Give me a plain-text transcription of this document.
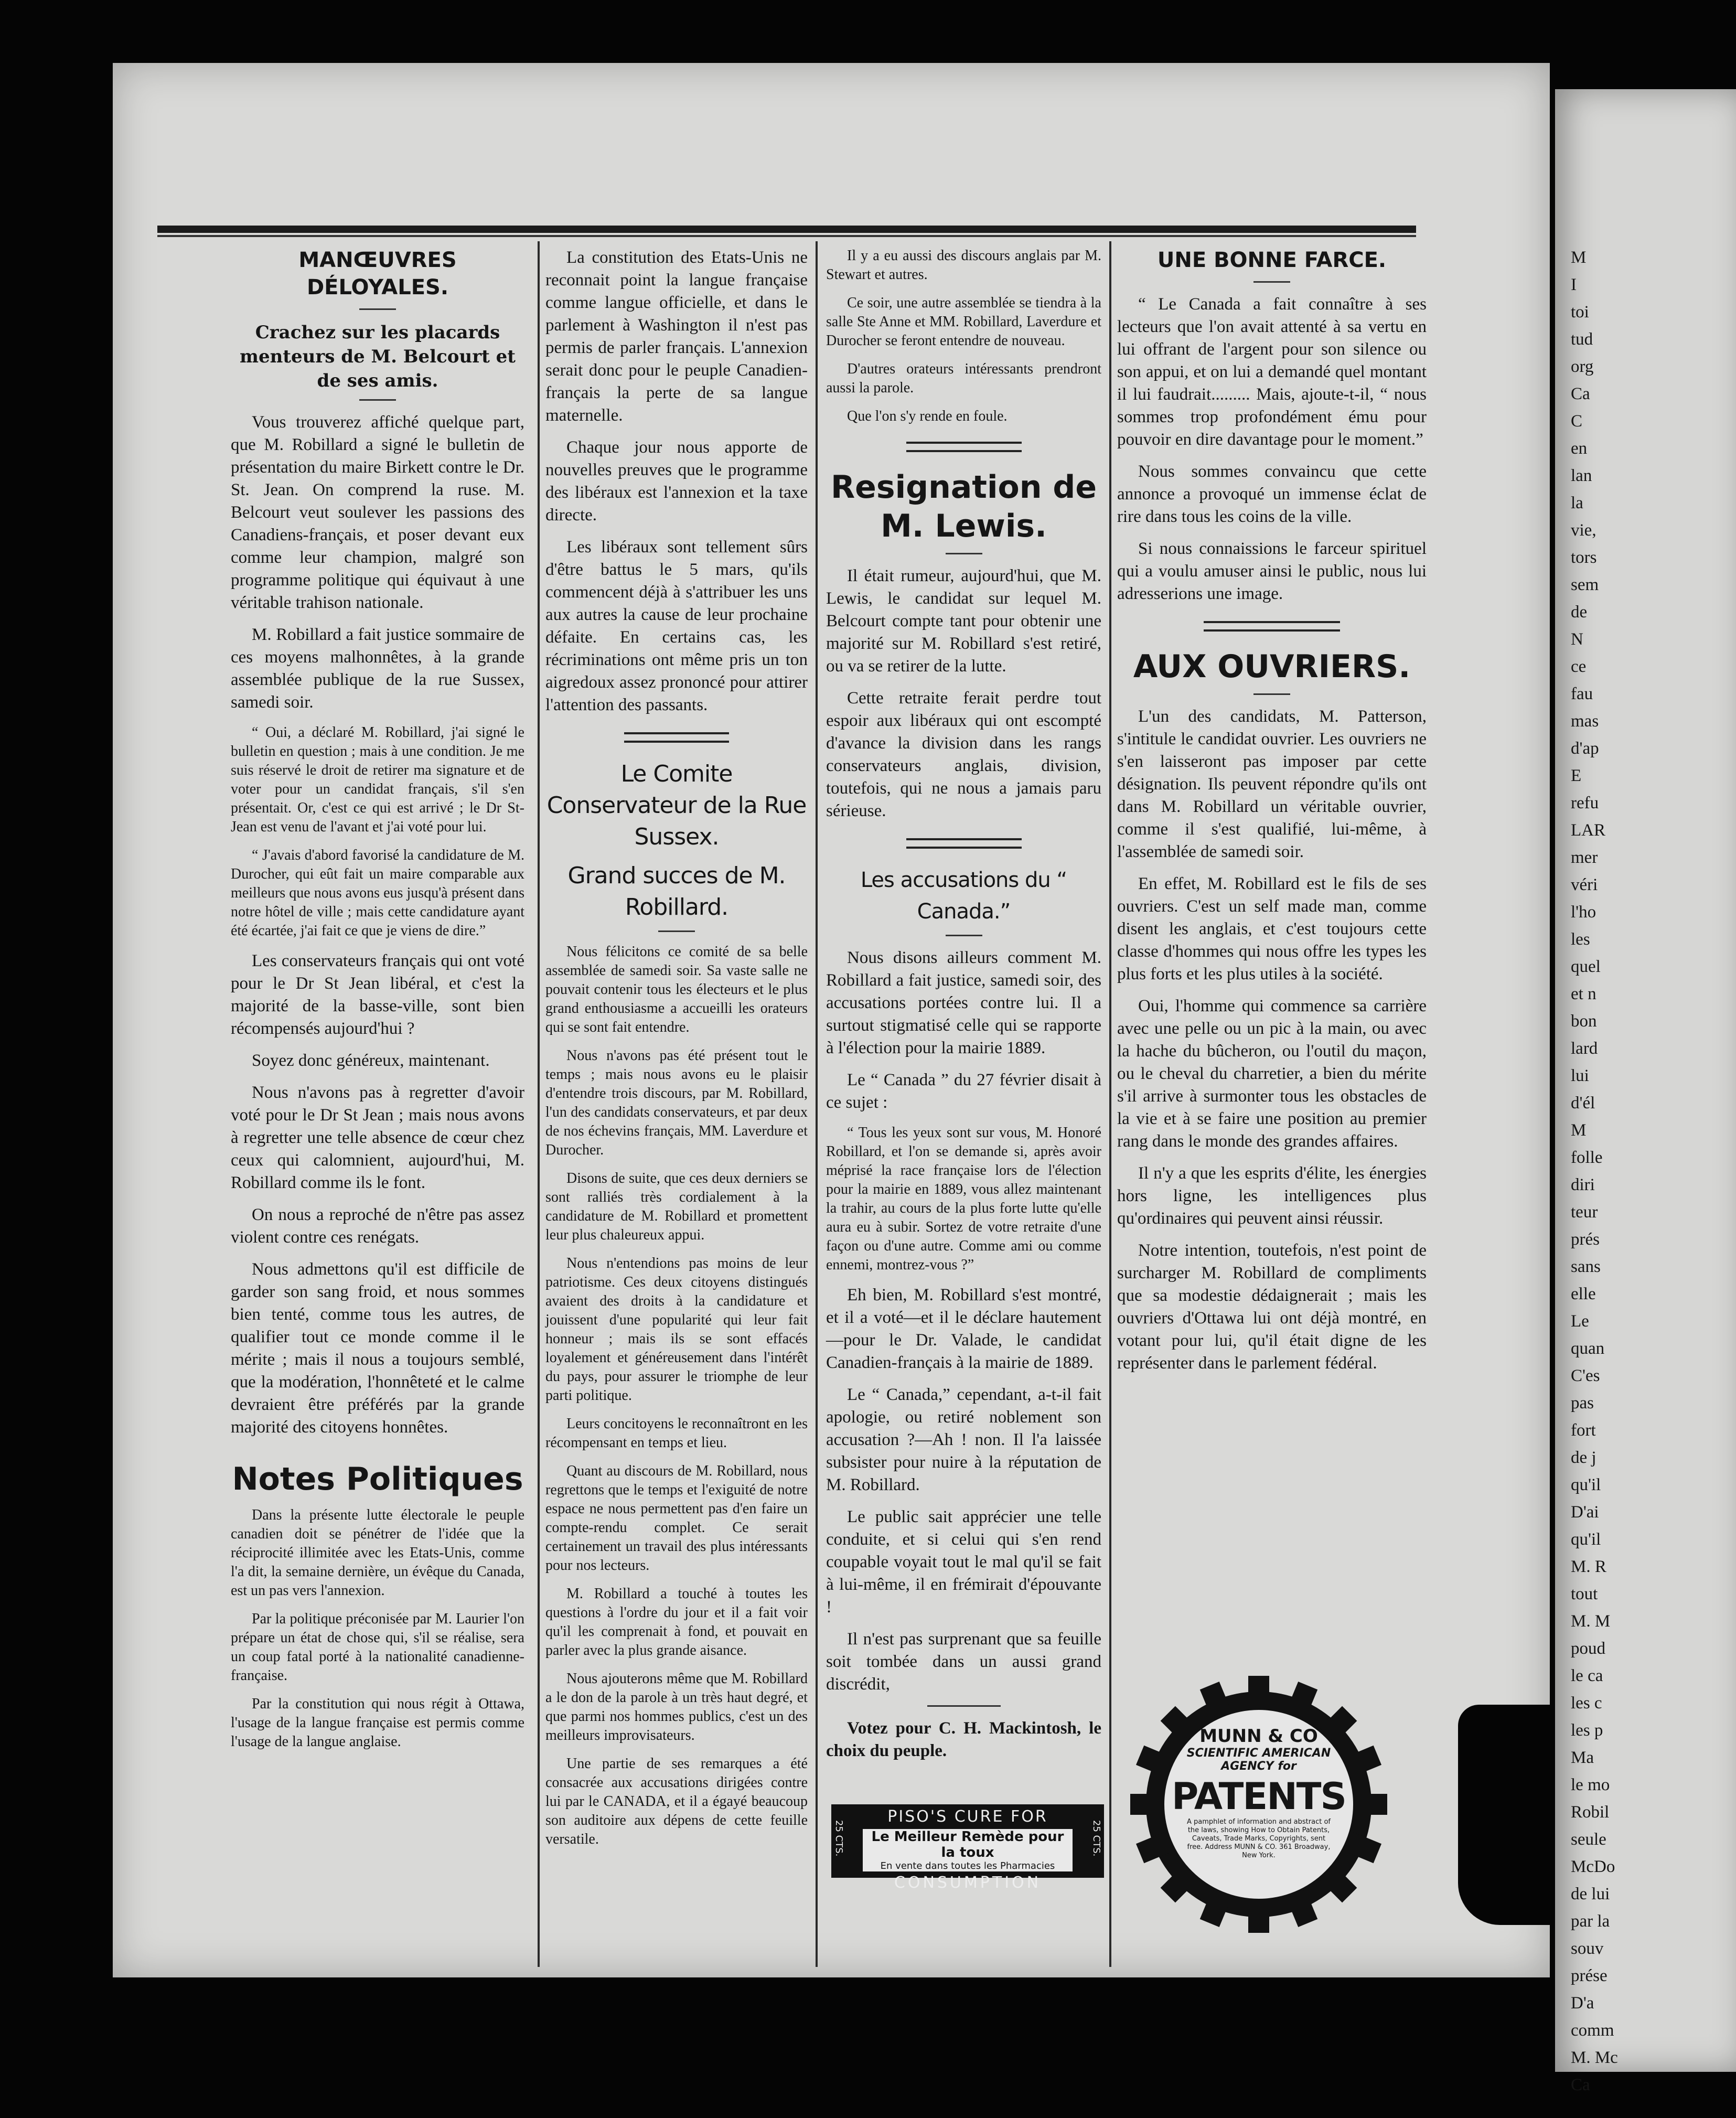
M
I
toi
tud
org
Ca
C
en
lan
la
vie,
tors
sem
de
N
ce
fau
mas
d'ap
E
refu
LAR
mer
véri
l'ho
les
quel
et n
bon
lard
lui
d'él
M
folle
diri
teur
prés
sans
elle
Le
quan
C'es
pas
fort
de j
qu'il
D'ai
qu'il
M. R
tout
M. M
poud
le ca
les c
les p
Ma
le mo
Robil
seule
McDo
de lui
par la
souv
prése
D'a
comm
M. Mc
Ca
MANŒUVRES DÉLOYALES.
Crachez sur les placards menteurs de M. Belcourt et de ses amis.

Vous trouverez affiché quelque part, que M. Robillard a signé le bulletin de présentation du maire Birkett contre le Dr. St. Jean. On comprend la ruse. M. Belcourt veut soulever les passions des Canadiens-français, et poser devant eux comme leur champion, malgré son programme politique qui équivaut à une véritable trahison nationale.

M. Robillard a fait justice sommaire de ces moyens malhonnêtes, à la grande assemblée publique de la rue Sussex, samedi soir.

“ Oui, a déclaré M. Robillard, j'ai signé le bulletin en question ; mais à une condition. Je me suis réservé le droit de retirer ma signature et de voter pour un candidat français, s'il s'en présentait. Or, c'est ce qui est arrivé ; le Dr St-Jean est venu de l'avant et j'ai voté pour lui.

“ J'avais d'abord favorisé la candidature de M. Durocher, qui eût fait un maire comparable aux meilleurs que nous avons eus jusqu'à présent dans notre hôtel de ville ; mais cette candidature ayant été écartée, j'ai fait ce que je viens de dire.”

Les conservateurs français qui ont voté pour le Dr St Jean libéral, et c'est la majorité de la basse-ville, sont bien récompensés aujourd'hui ?

Soyez donc généreux, maintenant.

Nous n'avons pas à regretter d'avoir voté pour le Dr St Jean ; mais nous avons à regretter une telle absence de cœur chez ceux qui calomnient, aujourd'hui, M. Robillard comme ils le font.

On nous a reproché de n'être pas assez violent contre ces renégats.

Nous admettons qu'il est difficile de garder son sang froid, et nous sommes bien tenté, comme tous les autres, de qualifier tout ce monde comme il le mérite ; mais il nous a toujours semblé, que la modération, l'honnêteté et le calme devraient être préférés par la grande majorité des citoyens honnêtes.

Notes Politiques

Dans la présente lutte électorale le peuple canadien doit se pénétrer de l'idée que la réciprocité illimitée avec les Etats-Unis, comme l'a dit, la semaine dernière, un évêque du Canada, est un pas vers l'annexion.

Par la politique préconisée par M. Laurier l'on prépare un état de chose qui, s'il se réalise, sera un coup fatal porté à la nationalité canadienne-française.

Par la constitution qui nous régit à Ottawa, l'usage de la langue française est permis comme l'usage de la langue anglaise.

La constitution des Etats-Unis ne reconnait point la langue française comme langue officielle, et dans le parlement à Washington il n'est pas permis de parler français. L'annexion serait donc pour le peuple Canadien-français la perte de sa langue maternelle.

Chaque jour nous apporte de nouvelles preuves que le programme des libéraux est l'annexion et la taxe directe.

Les libéraux sont tellement sûrs d'être battus le 5 mars, qu'ils commencent déjà à s'attribuer les uns aux autres la cause de leur prochaine défaite. En certains cas, les récriminations ont même pris un ton aigredoux assez prononcé pour attirer l'attention des passants.

Le Comite Conservateur de la Rue Sussex.
Grand succes de M. Robillard.

Nous félicitons ce comité de sa belle assemblée de samedi soir. Sa vaste salle ne pouvait contenir tous les électeurs et le plus grand enthousiasme a accueilli les orateurs qui se sont fait entendre.

Nous n'avons pas été présent tout le temps ; mais nous avons eu le plaisir d'entendre trois discours, par M. Robillard, l'un des candidats conservateurs, et par deux de nos échevins français, MM. Laverdure et Durocher.

Disons de suite, que ces deux derniers se sont ralliés très cordialement à la candidature de M. Robillard et promettent leur plus chaleureux appui.

Nous n'entendions pas moins de leur patriotisme. Ces deux citoyens distingués avaient des droits à la candidature et jouissent d'une popularité qui leur fait honneur ; mais ils se sont effacés loyalement et généreusement dans l'intérêt du pays, pour assurer le triomphe de leur parti politique.

Leurs concitoyens le reconnaîtront en les récompensant en temps et lieu.

Quant au discours de M. Robillard, nous regrettons que le temps et l'exiguité de notre espace ne nous permettent pas d'en faire un compte-rendu complet. Ce serait certainement un travail des plus intéressants pour nos lecteurs.

M. Robillard a touché à toutes les questions à l'ordre du jour et il a fait voir qu'il les comprenait à fond, et pouvait en parler avec la plus grande aisance.

Nous ajouterons même que M. Robillard a le don de la parole à un très haut degré, et que parmi nos hommes publics, c'est un des meilleurs improvisateurs.

Une partie de ses remarques a été consacrée aux accusations dirigées contre lui par le CANADA, et il a égayé beaucoup son auditoire aux dépens de cette feuille versatile.

Il y a eu aussi des discours anglais par M. Stewart et autres.

Ce soir, une autre assemblée se tiendra à la salle Ste Anne et MM. Robillard, Laverdure et Durocher se feront entendre de nouveau.

D'autres orateurs intéressants prendront aussi la parole.

Que l'on s'y rende en foule.

Resignation de M. Lewis.

Il était rumeur, aujourd'hui, que M. Lewis, le candidat sur lequel M. Belcourt compte tant pour obtenir une majorité sur M. Robillard s'est retiré, ou va se retirer de la lutte.

Cette retraite ferait perdre tout espoir aux libéraux qui ont escompté d'avance la division dans les rangs conservateurs anglais, division, toutefois, qui ne nous a jamais paru sérieuse.

Les accusations du “ Canada.”

Nous disons ailleurs comment M. Robillard a fait justice, samedi soir, des accusations portées contre lui. Il a surtout stigmatisé celle qui se rapporte à l'élection pour la mairie 1889.

Le “ Canada ” du 27 février disait à ce sujet :

“ Tous les yeux sont sur vous, M. Honoré Robillard, et l'on se demande si, après avoir méprisé la race française lors de l'élection pour la mairie en 1889, vous allez maintenant la trahir, au cours de la plus forte lutte qu'elle aura eu à subir. Sortez de votre retraite d'une façon ou d'une autre. Comme ami ou comme ennemi, montrez-vous ?”

Eh bien, M. Robillard s'est montré, et il a voté—et il le déclare hautement—pour le Dr. Valade, le candidat Canadien-français à la mairie de 1889.

Le “ Canada,” cependant, a-t-il fait apologie, ou retiré noblement son accusation ?—Ah ! non. Il l'a laissée subsister pour nuire à la réputation de M. Robillard.

Le public sait apprécier une telle conduite, et si celui qui s'en rend coupable voyait tout le mal qu'il se fait à lui-même, il en frémirait d'épouvante !

Il n'est pas surprenant que sa feuille soit tombée dans un aussi grand discrédit,

Votez pour C. H. Mackintosh, le choix du peuple.

UNE BONNE FARCE.

“ Le Canada a fait connaître à ses lecteurs que l'on avait attenté à sa vertu en lui offrant de l'argent pour son silence ou son appui, et on lui a demandé quel montant il lui faudrait......... Mais, ajoute-t-il, “ nous sommes trop profondément ému pour pouvoir en dire davantage pour le moment.”

Nous sommes convaincu que cette annonce a provoqué un immense éclat de rire dans tous les coins de la ville.

Si nous connaissions le farceur spirituel qui a voulu amuser ainsi le public, nous lui adresserions une image.

AUX OUVRIERS.

L'un des candidats, M. Patterson, s'intitule le candidat ouvrier. Les ouvriers ne s'en laisseront pas imposer par cette désignation. Ils peuvent répondre qu'ils ont dans M. Robillard un véritable ouvrier, comme il s'est qualifié, lui-même, à l'assemblée de samedi soir.

En effet, M. Robillard est le fils de ses ouvriers. C'est un self made man, comme disent les anglais, et c'est toujours cette classe d'hommes qui nous offre les types les plus forts et les plus utiles à la société.

Oui, l'homme qui commence sa carrière avec une pelle ou un pic à la main, ou avec la hache du bûcheron, ou l'outil du maçon, ou le cheval du charretier, a bien du mérite s'il arrive à surmonter tous les obstacles de la vie et à se faire une position au premier rang dans le monde des grandes affaires.

Il n'y a que les esprits d'élite, les énergies hors ligne, les intelligences plus qu'ordinaires qui peuvent ainsi réussir.

Notre intention, toutefois, n'est point de surcharger M. Robillard de compliments que sa modestie dédaignerait ; mais les ouvriers d'Ottawa lui ont déjà montré, en votant pour lui, qu'il était digne de les représenter dans le parlement fédéral.

PISO'S CURE FOR
Le Meilleur Remède pour la toux
En vente dans toutes les Pharmacies
CONSUMPTION
25 CTS.	25 CTS.
MUNN & CO
SCIENTIFIC AMERICAN AGENCY for
PATENTS
A pamphlet of information and abstract of the laws, showing How to Obtain Patents, Caveats, Trade Marks, Copyrights, sent free. Address MUNN & CO. 361 Broadway, New York.
